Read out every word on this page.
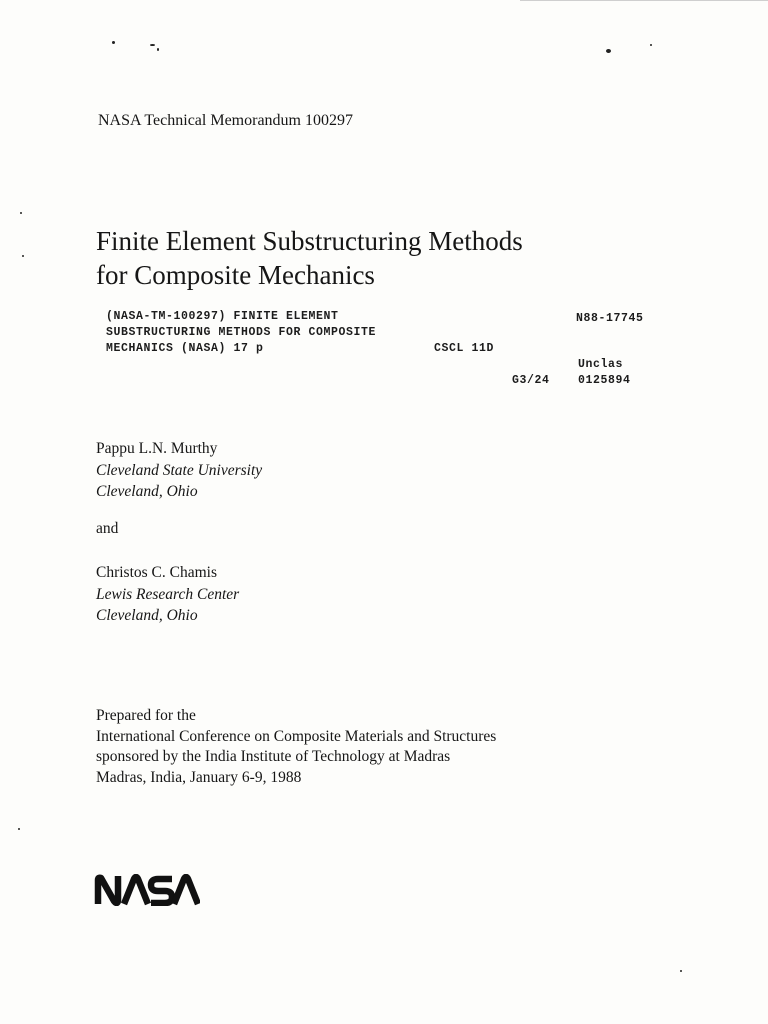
NASA Technical Memorandum 100297
Finite Element Substructuring Methods
for Composite Mechanics
(NASA-TM-100297) FINITE ELEMENT
SUBSTRUCTURING METHODS FOR COMPOSITE
MECHANICS (NASA) 17 p	CSCL 11D
N88-17745
Unclas
G3/24 0125894
Pappu L.N. Murthy
Cleveland State University
Cleveland, Ohio
and
Christos C. Chamis
Lewis Research Center
Cleveland, Ohio
Prepared for the
International Conference on Composite Materials and Structures
sponsored by the India Institute of Technology at Madras
Madras, India, January 6-9, 1988
